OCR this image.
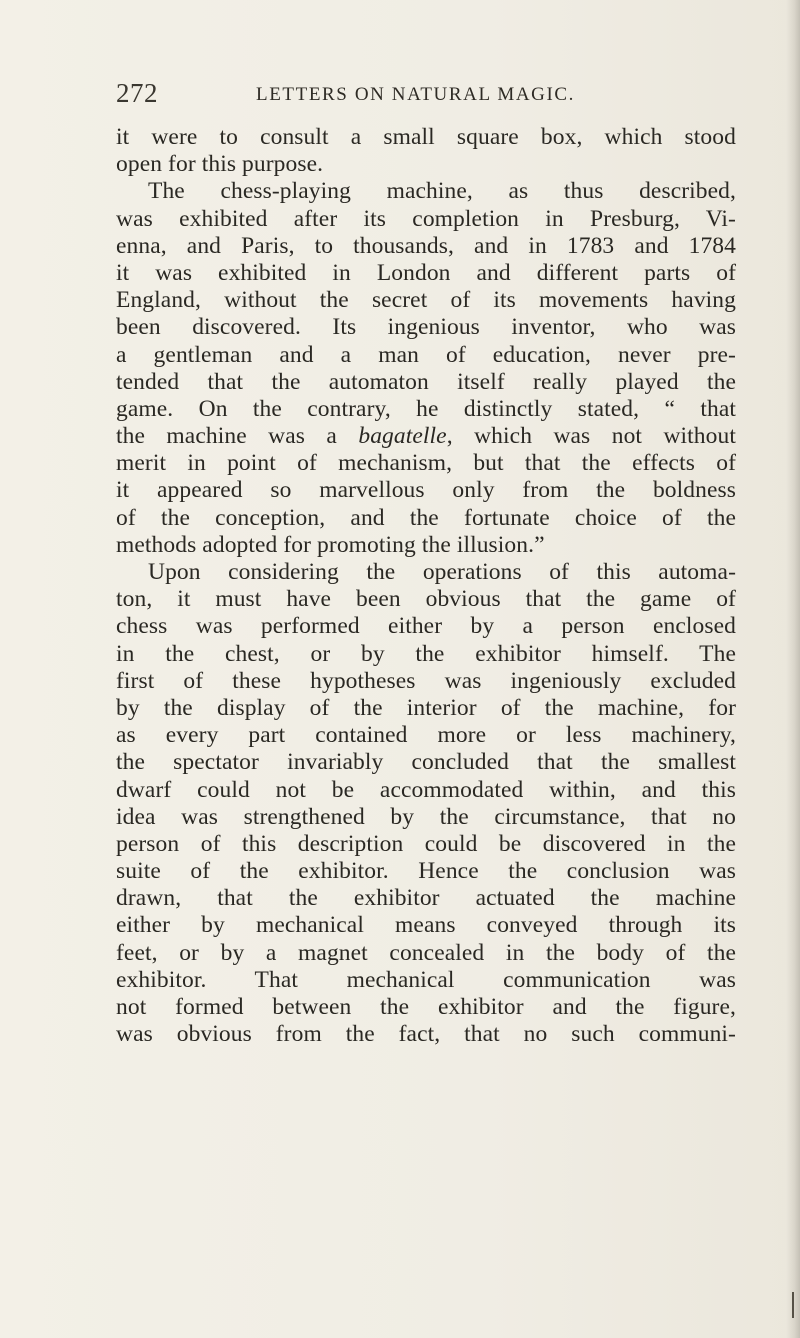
272	LETTERS ON NATURAL MAGIC.
it were to consult a small square box, which stood
open for this purpose.
The chess-playing machine, as thus described,
was exhibited after its completion in Presburg, Vi-
enna, and Paris, to thousands, and in 1783 and 1784
it was exhibited in London and different parts of
England, without the secret of its movements having
been discovered. Its ingenious inventor, who was
a gentleman and a man of education, never pre-
tended that the automaton itself really played the
game. On the contrary, he distinctly stated, “ that
the machine was a bagatelle, which was not without
merit in point of mechanism, but that the effects of
it appeared so marvellous only from the boldness
of the conception, and the fortunate choice of the
methods adopted for promoting the illusion.”
Upon considering the operations of this automa-
ton, it must have been obvious that the game of
chess was performed either by a person enclosed
in the chest, or by the exhibitor himself. The
first of these hypotheses was ingeniously excluded
by the display of the interior of the machine, for
as every part contained more or less machinery,
the spectator invariably concluded that the smallest
dwarf could not be accommodated within, and this
idea was strengthened by the circumstance, that no
person of this description could be discovered in the
suite of the exhibitor. Hence the conclusion was
drawn, that the exhibitor actuated the machine
either by mechanical means conveyed through its
feet, or by a magnet concealed in the body of the
exhibitor. That mechanical communication was
not formed between the exhibitor and the figure,
was obvious from the fact, that no such communi-
